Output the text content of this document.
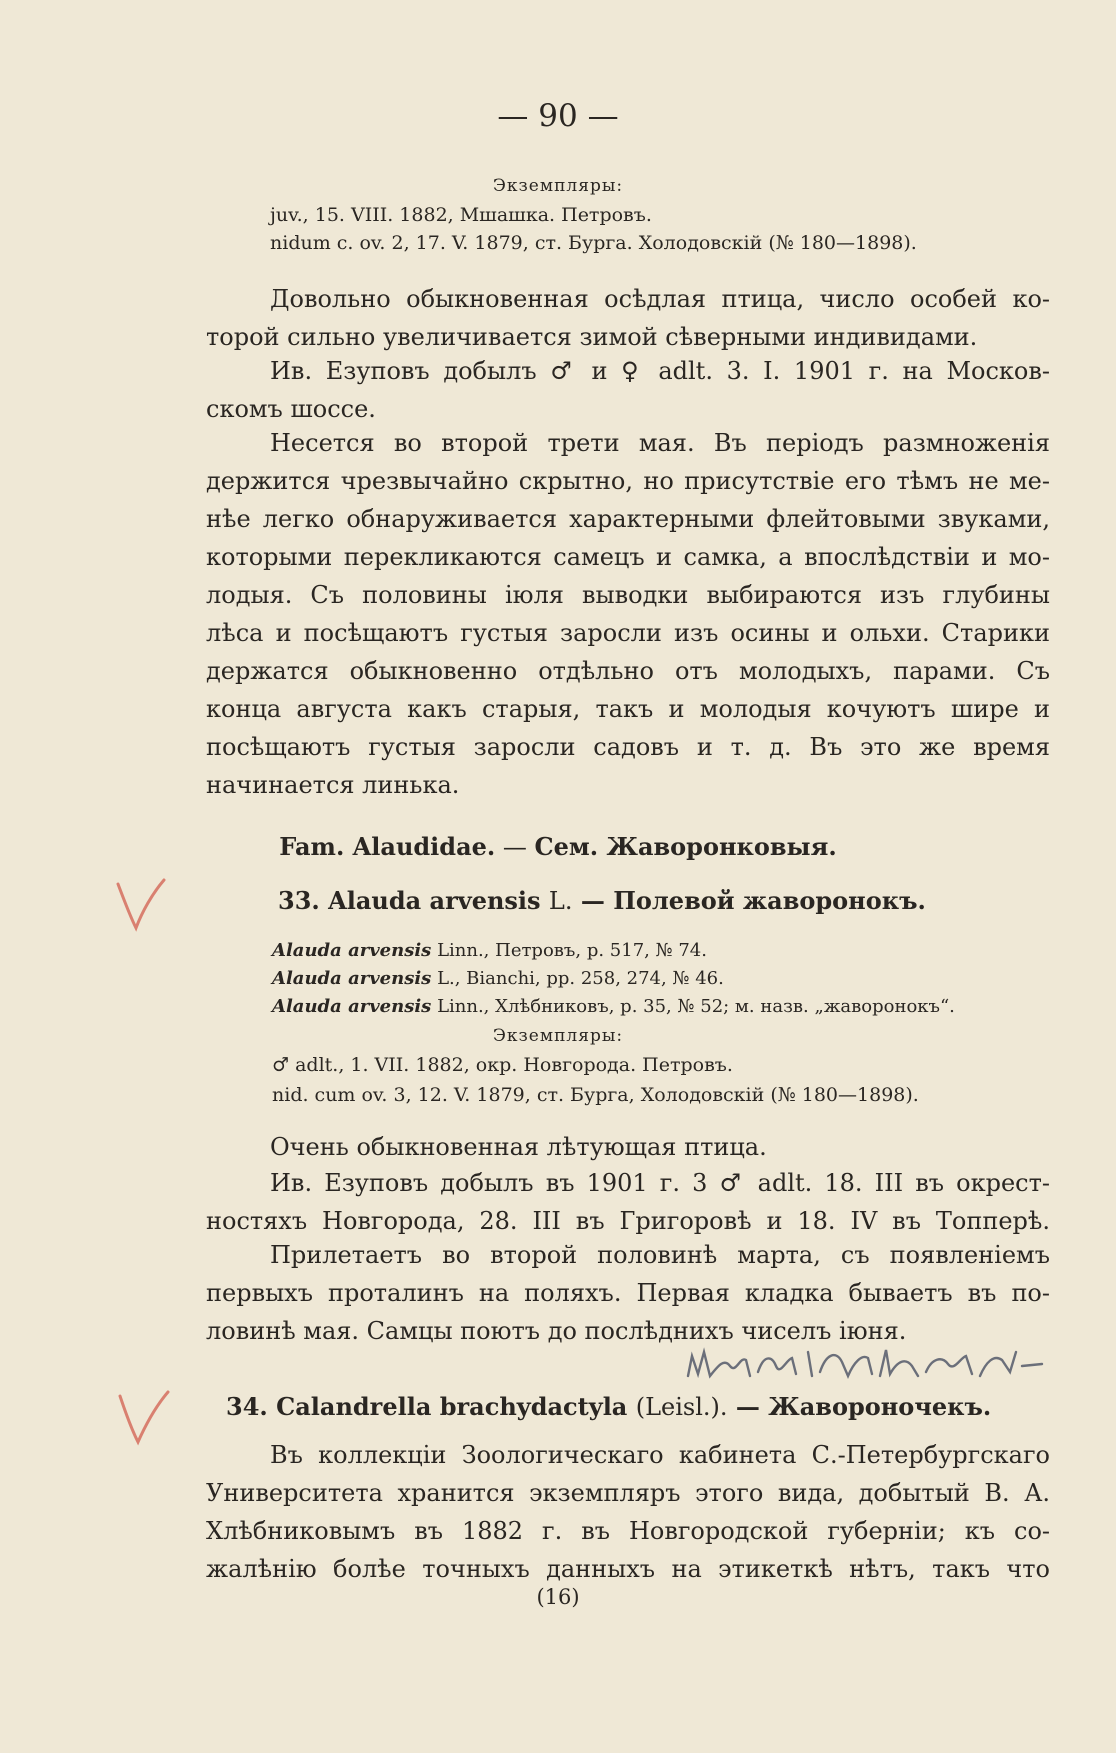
— 90 —
Экземпляры:
juv., 15. VIII. 1882, Мшашка. Петровъ.
nidum c. ov. 2, 17. V. 1879, ст. Бурга. Холодовскій (№ 180—1898).
Довольно обыкновенная осѣдлая птица, число особей ко-
торой сильно увеличивается зимой сѣверными индивидами.
Ив. Езуповъ добылъ ♂ и ♀ adlt. 3. I. 1901 г. на Москов-
скомъ шоссе.
Несется во второй трети мая. Въ періодъ размноженія
держится чрезвычайно скрытно, но присутствіе его тѣмъ не ме-
нѣе легко обнаруживается характерными флейтовыми звуками,
которыми перекликаются самецъ и самка, а впослѣдствіи и мо-
лодыя. Съ половины іюля выводки выбираются изъ глубины
лѣса и посѣщаютъ густыя заросли изъ осины и ольхи. Старики
держатся обыкновенно отдѣльно отъ молодыхъ, парами. Съ
конца августа какъ старыя, такъ и молодыя кочуютъ шире и
посѣщаютъ густыя заросли садовъ и т. д. Въ это же время
начинается линька.
Fam. Alaudidae. — Сем. Жаворонковыя.
33. Alauda arvensis L. — Полевой жаворонокъ.
Alauda arvensis Linn., Петровъ, p. 517, № 74.
Alauda arvensis L., Bianchi, pp. 258, 274, № 46.
Alauda arvensis Linn., Хлѣбниковъ, p. 35, № 52; м. назв. „жаворонокъ“.
Экземпляры:
♂ adlt., 1. VII. 1882, окр. Новгорода. Петровъ.
nid. cum ov. 3, 12. V. 1879, ст. Бурга, Холодовскій (№ 180—1898).
Очень обыкновенная лѣтующая птица.
Ив. Езуповъ добылъ въ 1901 г. 3 ♂ adlt. 18. III въ окрест-
ностяхъ Новгорода, 28. III въ Григоровѣ и 18. IV въ Топперѣ.
Прилетаетъ во второй половинѣ марта, съ появленіемъ
первыхъ проталинъ на поляхъ. Первая кладка бываетъ въ по-
ловинѣ мая. Самцы поютъ до послѣднихъ чиселъ іюня.
34. Calandrella brachydactyla (Leisl.). — Жавороночекъ.
Въ коллекціи Зоологическаго кабинета С.-Петербургскаго
Университета хранится экземпляръ этого вида, добытый В. А.
Хлѣбниковымъ въ 1882 г. въ Новгородской губерніи; къ со-
жалѣнію болѣе точныхъ данныхъ на этикеткѣ нѣтъ, такъ что
(16)
